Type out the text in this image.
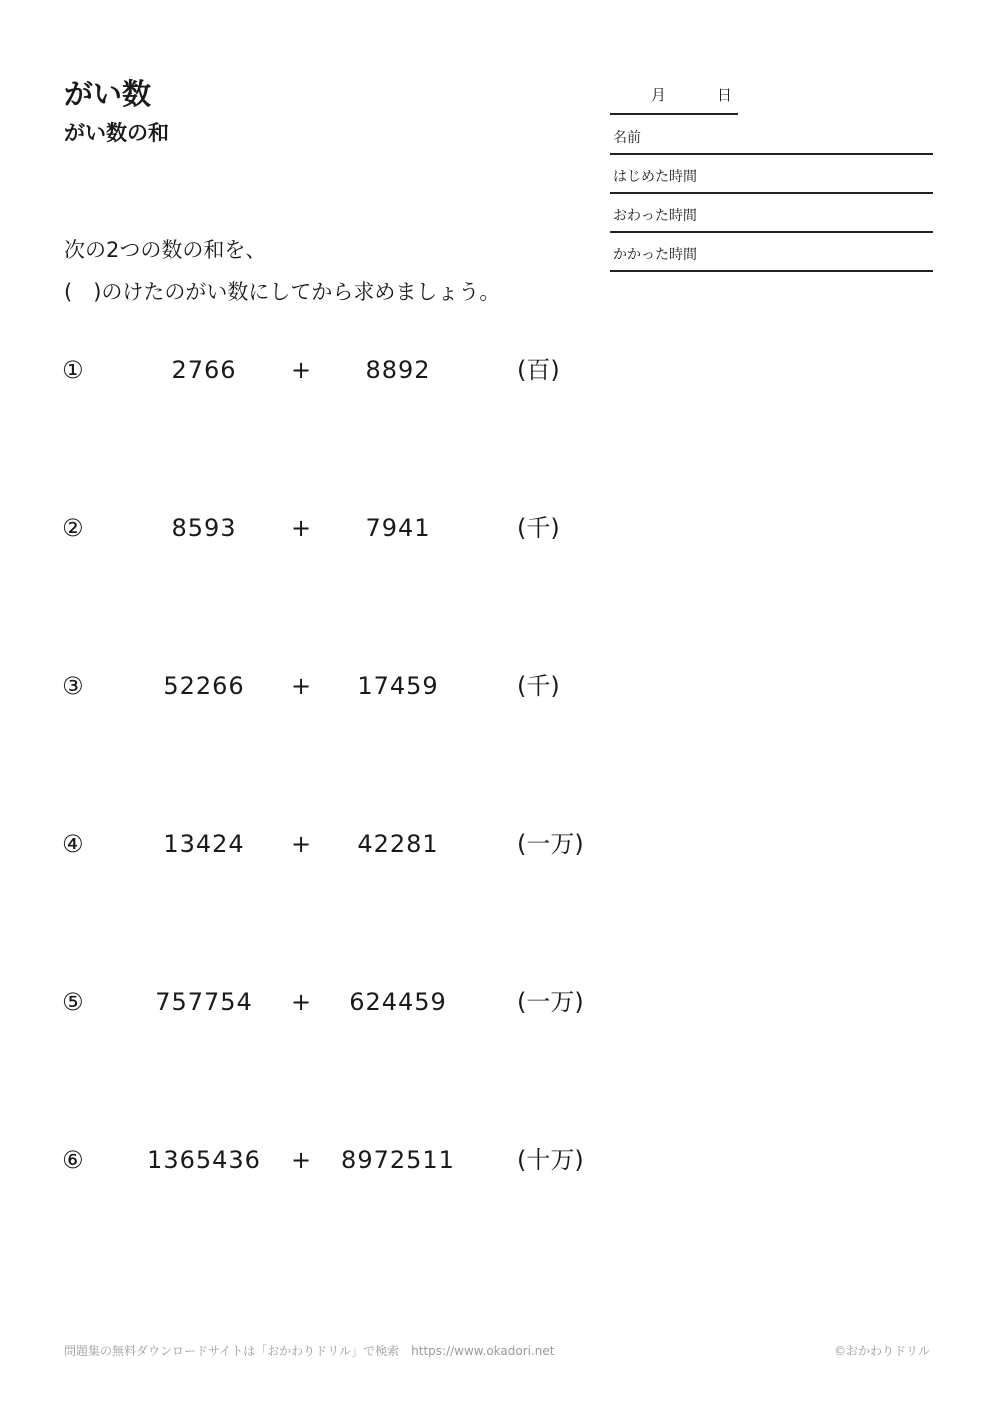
がい数
がい数の和
月	日
名前
はじめた時間
おわった時間
かかった時間
次の2つの数の和を、
(　)のけたのがい数にしてから求めましょう。
①	2766	+	8892	(百)
②	8593	+	7941	(千)
③	52266	+	17459	(千)
④	13424	+	42281	(一万)
⑤	757754	+	624459	(一万)
⑥	1365436	+	8972511	(十万)
問題集の無料ダウンロードサイトは「おかわりドリル」で検索　https://www.okadori.net	©おかわりドリル
